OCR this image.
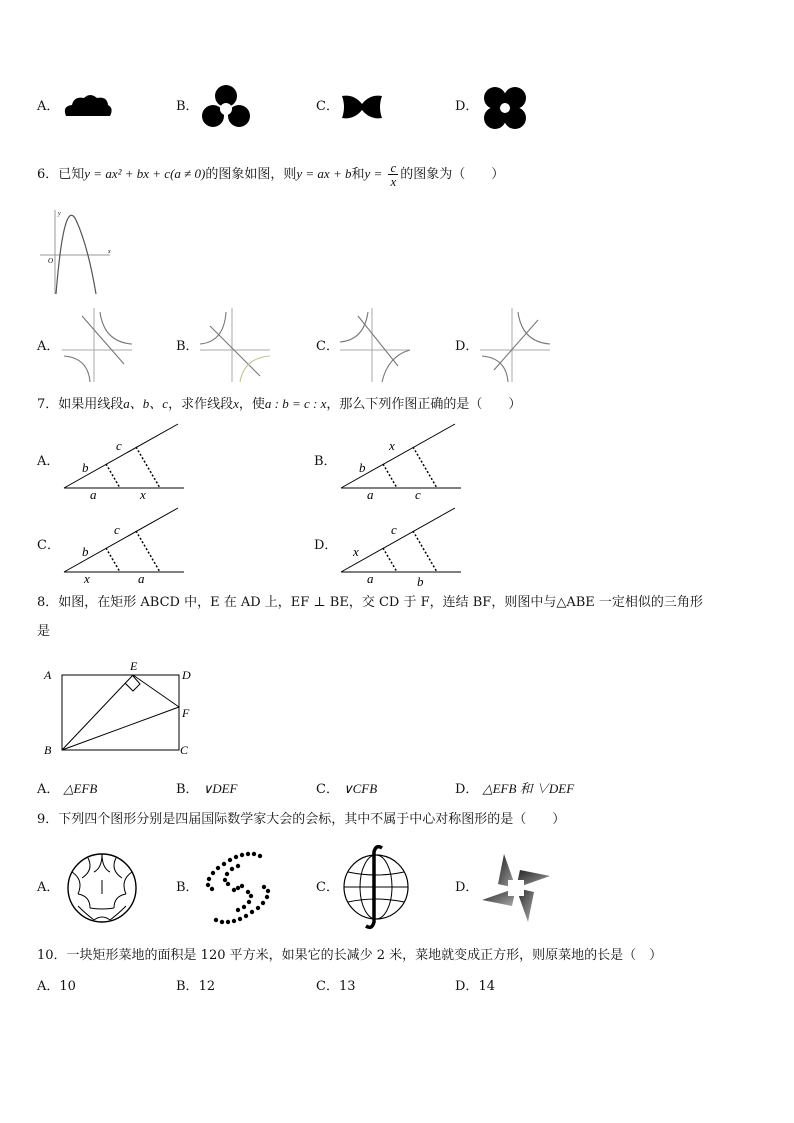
A．	B．	C．	D．
6．已知y = ax² + bx + c(a ≠ 0)的图象如图，则y = ax + b和$y = \frac{c}{x}$ 的图象为（　　）
y
x
O
A．	B．	C．	D．
7．如果用线段a、b、c，求作线段x，使a : b = c : x，那么下列作图正确的是（　　）
A． b
c
a	x
B． b
x
a	c
C． b
c
x	a
D． x
c
a	b
8．如图，在矩形 ABCD 中，E 在 AD 上，EF ⊥ BE，交 CD 于 F，连结 BF，则图中与△ABE 一定相似的三角形
是
A
B	C
D
E
F
A． △EFB	B． ∨DEF	C． ∨CFB	D． △EFB 和 ∨DEF
9．下列四个图形分别是四届国际数学家大会的会标，其中不属于中心对称图形的是（　　）
A．	B．	C．	D．
10．一块矩形菜地的面积是 120 平方米，如果它的长减少 2 米，菜地就变成正方形，则原菜地的长是（　）
A．10	B．12	C．13	D．14
